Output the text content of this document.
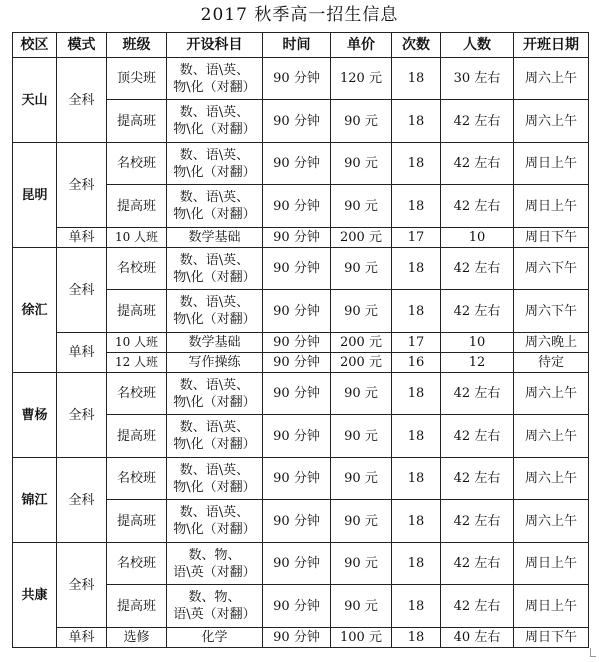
2017 秋季高一招生信息
校区	模式	班级	开设科目	时间	单价	次数	人数	开班日期
天山	全科	顶尖班	数、语\英、
物\化（对翻）	90 分钟	120 元	18	30 左右	周六上午
		提高班	数、语\英、
物\化（对翻）	90 分钟	90 元	18	42 左右	周六上午
昆明	全科	名校班	数、语\英、
物\化（对翻）	90 分钟	90 元	18	42 左右	周日上午
		提高班	数、语\英、
物\化（对翻）	90 分钟	90 元	18	42 左右	周日上午
	单科	10 人班	数学基础	90 分钟	200 元	17	10	周日下午
徐汇	全科	名校班	数、语\英、
物\化（对翻）	90 分钟	90 元	18	42 左右	周六下午
		提高班	数、语\英、
物\化（对翻）	90 分钟	90 元	18	42 左右	周六下午
	单科	10 人班	数学基础	90 分钟	200 元	17	10	周六晚上
		12 人班	写作操练	90 分钟	200 元	16	12	待定
曹杨	全科	名校班	数、语\英、
物\化（对翻）	90 分钟	90 元	18	42 左右	周六上午
		提高班	数、语\英、
物\化（对翻）	90 分钟	90 元	18	42 左右	周六上午
锦江	全科	名校班	数、语\英、
物\化（对翻）	90 分钟	90 元	18	42 左右	周六上午
		提高班	数、语\英、
物\化（对翻）	90 分钟	90 元	18	42 左右	周六上午
共康	全科	名校班	数、物、
语\英（对翻）	90 分钟	90 元	18	42 左右	周日上午
		提高班	数、物、
语\英（对翻）	90 分钟	90 元	18	42 左右	周日上午
	单科	选修	化学	90 分钟	100 元	18	40 左右	周日下午
